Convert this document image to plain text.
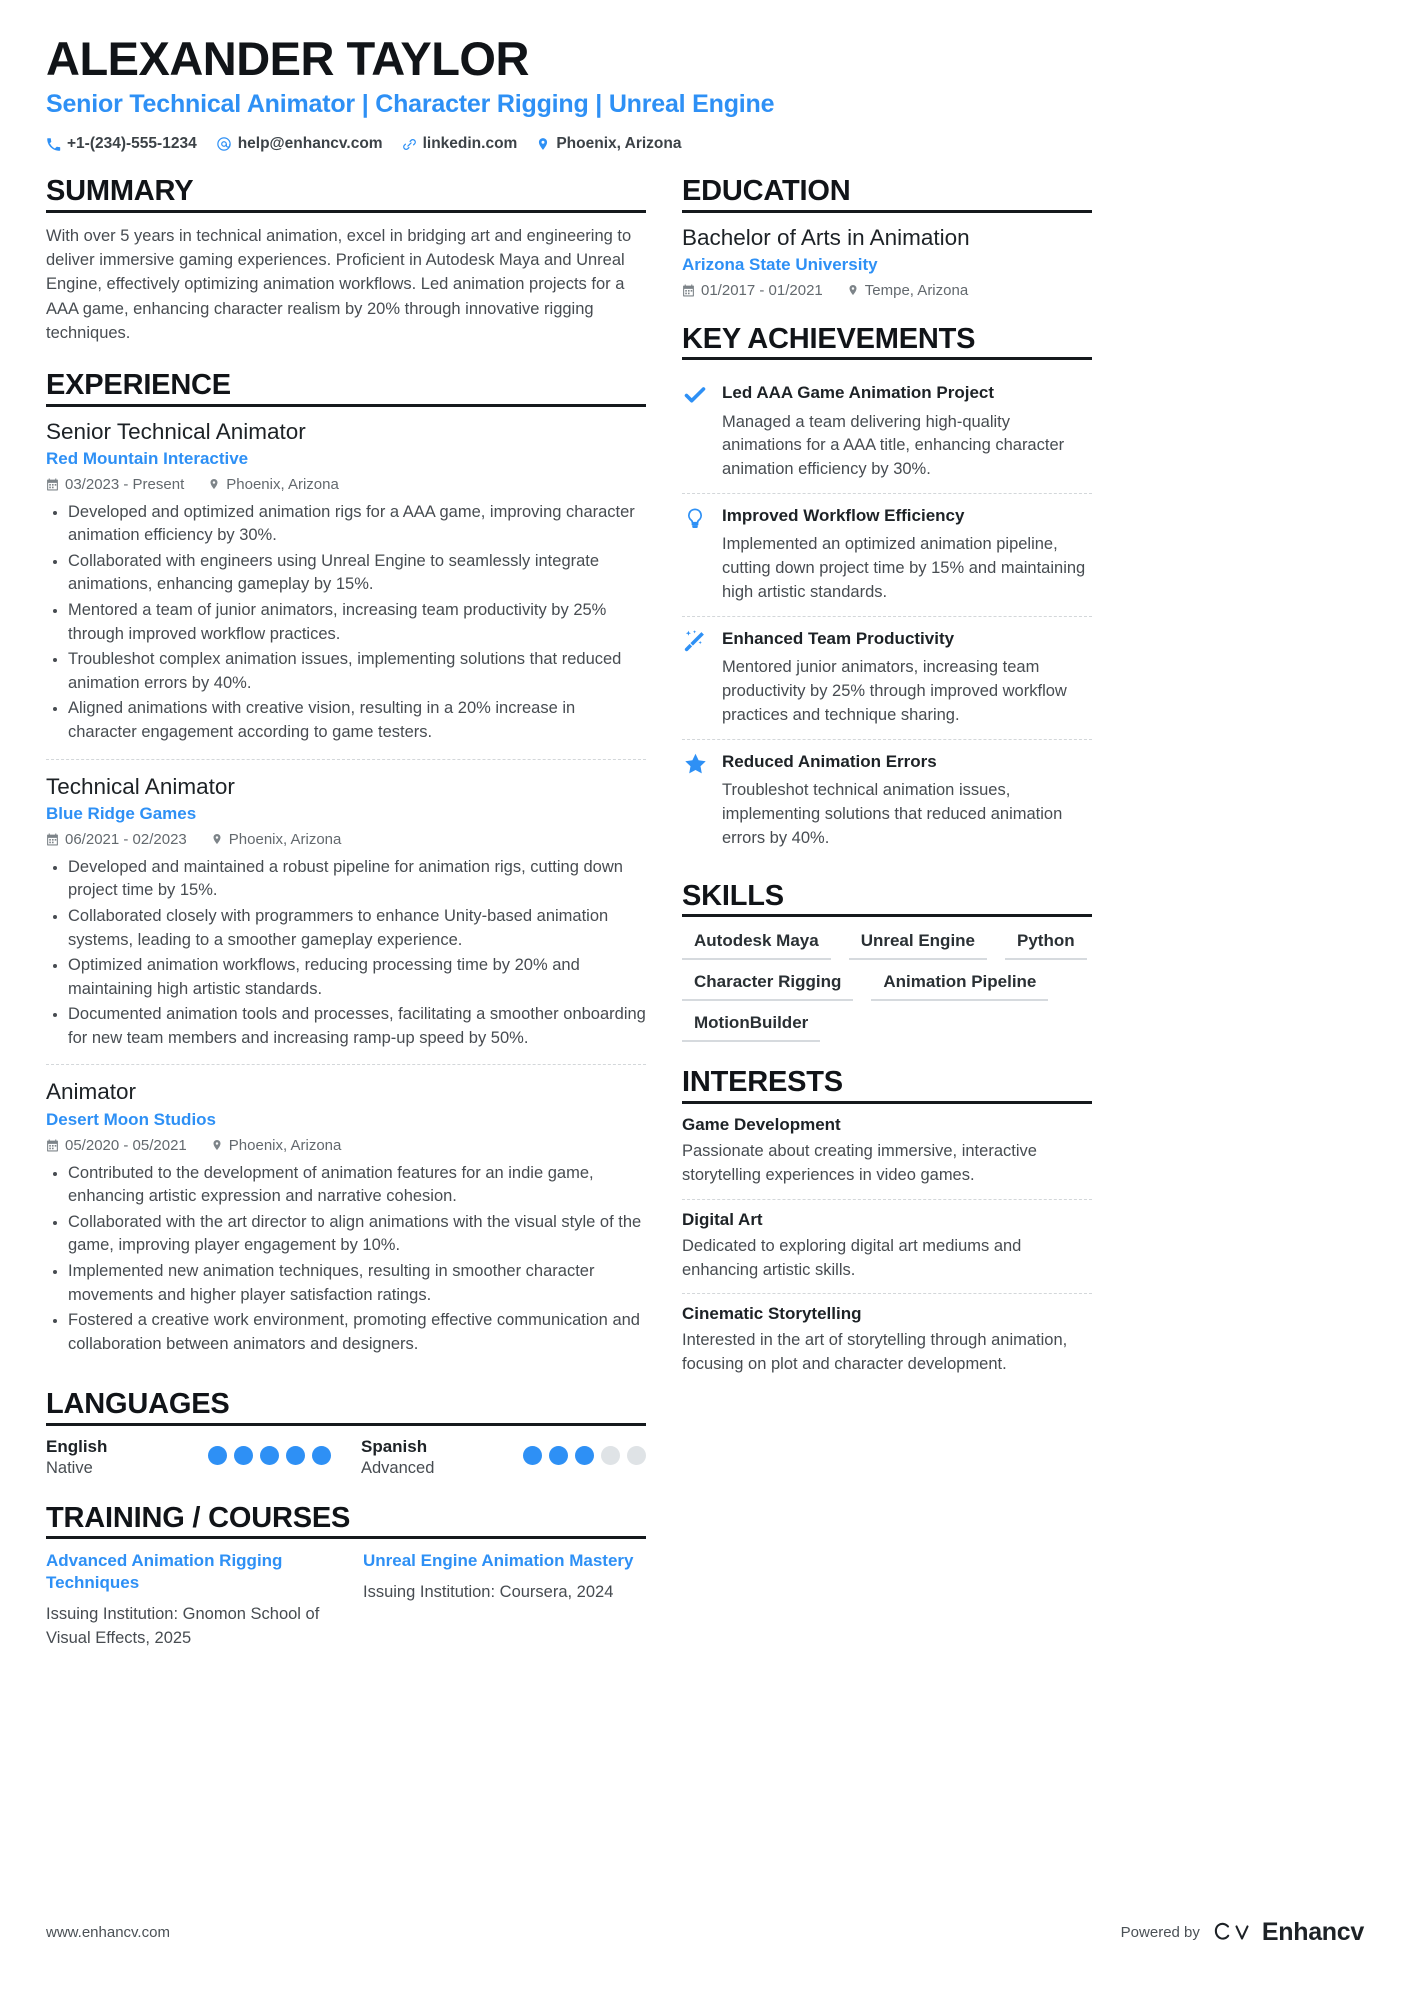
ALEXANDER TAYLOR
Senior Technical Animator | Character Rigging | Unreal Engine
+1-(234)-555-1234	help@enhancv.com	linkedin.com	Phoenix, Arizona
SUMMARY
With over 5 years in technical animation, excel in bridging art and engineering to deliver immersive gaming experiences. Proficient in Autodesk Maya and Unreal Engine, effectively optimizing animation workflows. Led animation projects for a AAA game, enhancing character realism by 20% through innovative rigging techniques.
EXPERIENCE
Senior Technical Animator
Red Mountain Interactive
03/2023 - Present	Phoenix, Arizona
Developed and optimized animation rigs for a AAA game, improving character animation efficiency by 30%.
Collaborated with engineers using Unreal Engine to seamlessly integrate animations, enhancing gameplay by 15%.
Mentored a team of junior animators, increasing team productivity by 25% through improved workflow practices.
Troubleshot complex animation issues, implementing solutions that reduced animation errors by 40%.
Aligned animations with creative vision, resulting in a 20% increase in character engagement according to game testers.
Technical Animator
Blue Ridge Games
06/2021 - 02/2023	Phoenix, Arizona
Developed and maintained a robust pipeline for animation rigs, cutting down project time by 15%.
Collaborated closely with programmers to enhance Unity-based animation systems, leading to a smoother gameplay experience.
Optimized animation workflows, reducing processing time by 20% and maintaining high artistic standards.
Documented animation tools and processes, facilitating a smoother onboarding for new team members and increasing ramp-up speed by 50%.
Animator
Desert Moon Studios
05/2020 - 05/2021	Phoenix, Arizona
Contributed to the development of animation features for an indie game, enhancing artistic expression and narrative cohesion.
Collaborated with the art director to align animations with the visual style of the game, improving player engagement by 10%.
Implemented new animation techniques, resulting in smoother character movements and higher player satisfaction ratings.
Fostered a creative work environment, promoting effective communication and collaboration between animators and designers.
LANGUAGES
English
Native
Spanish
Advanced
TRAINING / COURSES
Advanced Animation Rigging Techniques
Issuing Institution: Gnomon School of Visual Effects, 2025
Unreal Engine Animation Mastery
Issuing Institution: Coursera, 2024
EDUCATION
Bachelor of Arts in Animation
Arizona State University
01/2017 - 01/2021	Tempe, Arizona
KEY ACHIEVEMENTS
Led AAA Game Animation Project
Managed a team delivering high-quality animations for a AAA title, enhancing character animation efficiency by 30%.
Improved Workflow Efficiency
Implemented an optimized animation pipeline, cutting down project time by 15% and maintaining high artistic standards.
Enhanced Team Productivity
Mentored junior animators, increasing team productivity by 25% through improved workflow practices and technique sharing.
Reduced Animation Errors
Troubleshot technical animation issues, implementing solutions that reduced animation errors by 40%.
SKILLS
Autodesk Maya	Unreal Engine	Python
Character Rigging	Animation Pipeline
MotionBuilder
INTERESTS
Game Development
Passionate about creating immersive, interactive storytelling experiences in video games.
Digital Art
Dedicated to exploring digital art mediums and enhancing artistic skills.
Cinematic Storytelling
Interested in the art of storytelling through animation, focusing on plot and character development.
www.enhancv.com	Powered by Enhancv
